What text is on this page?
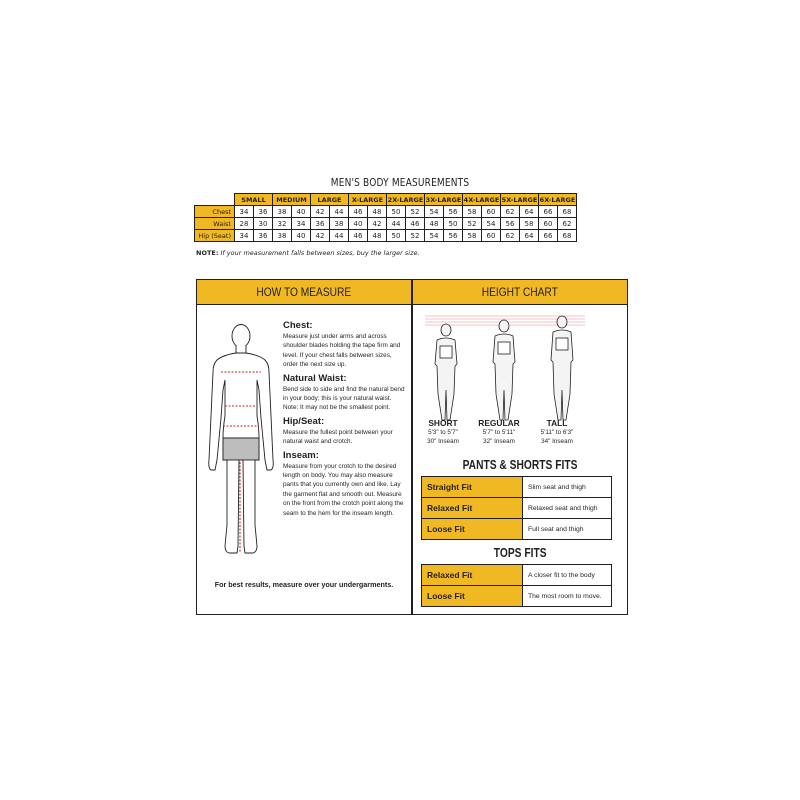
MEN'S BODY MEASUREMENTS
	SMALL		MEDIUM		LARGE		X-LARGE		2X-LARGE		3X-LARGE		4X-LARGE		5X-LARGE		6X-LARGE	
Chest	34	36	38	40	42	44	46	48	50	52	54	56	58	60	62	64	66	68
Waist	28	30	32	34	36	38	40	42	44	46	48	50	52	54	56	58	60	62
Hip (Seat)	34	36	38	40	42	44	46	48	50	52	54	56	58	60	62	64	66	68
NOTE: If your measurement falls between sizes, buy the larger size.
HOW TO MEASURE	HEIGHT CHART
Chest:
Measure just under arms and across shoulder blades holding the tape firm and level. If your chest falls between sizes, order the next size up.
Natural Waist:
Bend side to side and find the natural bend in your body; this is your natural waist. Note: It may not be the smallest point.
Hip/Seat:
Measure the fullest point between your natural waist and crotch.
Inseam:
Measure from your crotch to the desired length on body. You may also measure pants that you currently own and like. Lay the garment flat and smooth out. Measure on the front from the crotch point along the seam to the hem for the inseam length.
For best results, measure over your undergarments.
SHORT
5'3" to 5'7"
30" Inseam
REGULAR
5'7" to 5'11"
32" Inseam
TALL
5'11" to 6'3"
34" Inseam
PANTS & SHORTS FITS
Straight Fit	Slim seat and thigh
Relaxed Fit	Relaxed seat and thigh
Loose Fit	Full seat and thigh
TOPS FITS
Relaxed Fit	A closer fit to the body
Loose Fit	The most room to move.
